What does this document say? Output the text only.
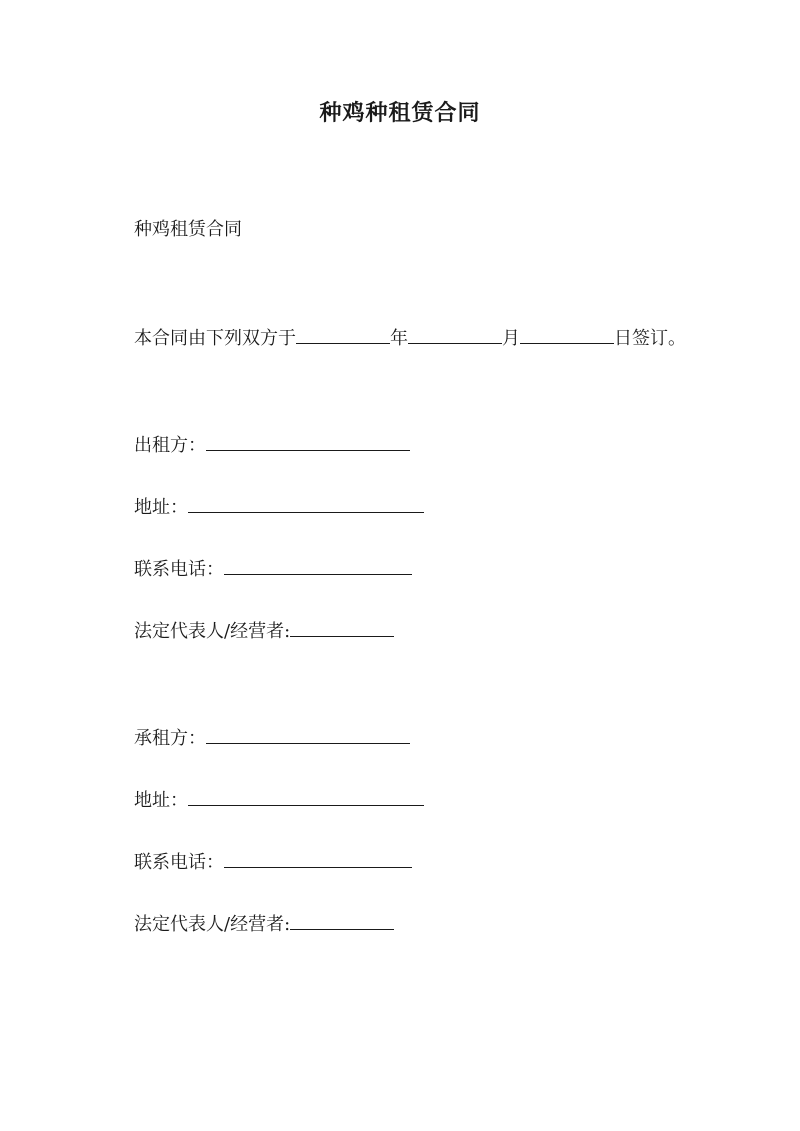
种鸡种租赁合同
种鸡租赁合同
本合同由下列双方于	年	月	日签订。
出租方：
地址：
联系电话：
法定代表人/经营者:
承租方：
地址：
联系电话：
法定代表人/经营者:
